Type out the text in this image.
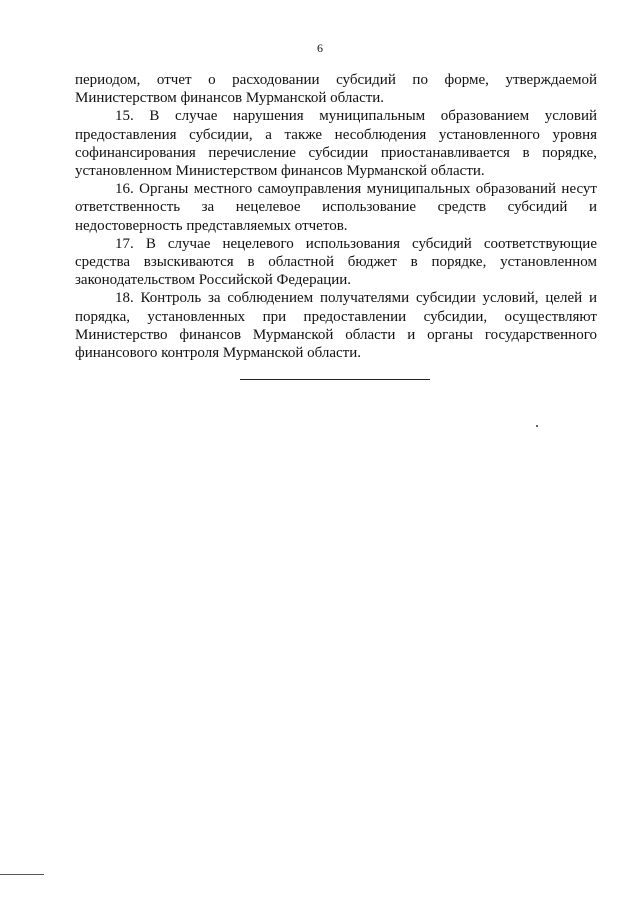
6

периодом, отчет о расходовании субсидий по форме, утверждаемой Министерством финансов Мурманской области.

15. В случае нарушения муниципальным образованием условий предоставления субсидии, а также несоблюдения установленного уровня софинансирования перечисление субсидии приостанавливается в порядке, установленном Министерством финансов Мурманской области.

16. Органы местного самоуправления муниципальных образований несут ответственность за нецелевое использование средств субсидий и недостоверность представляемых отчетов.

17. В случае нецелевого использования субсидий соответствующие средства взыскиваются в областной бюджет в порядке, установленном законодательством Российской Федерации.

18. Контроль за соблюдением получателями субсидии условий, целей и порядка, установленных при предоставлении субсидии, осуществляют Министерство финансов Мурманской области и органы государственного финансового контроля Мурманской области.
